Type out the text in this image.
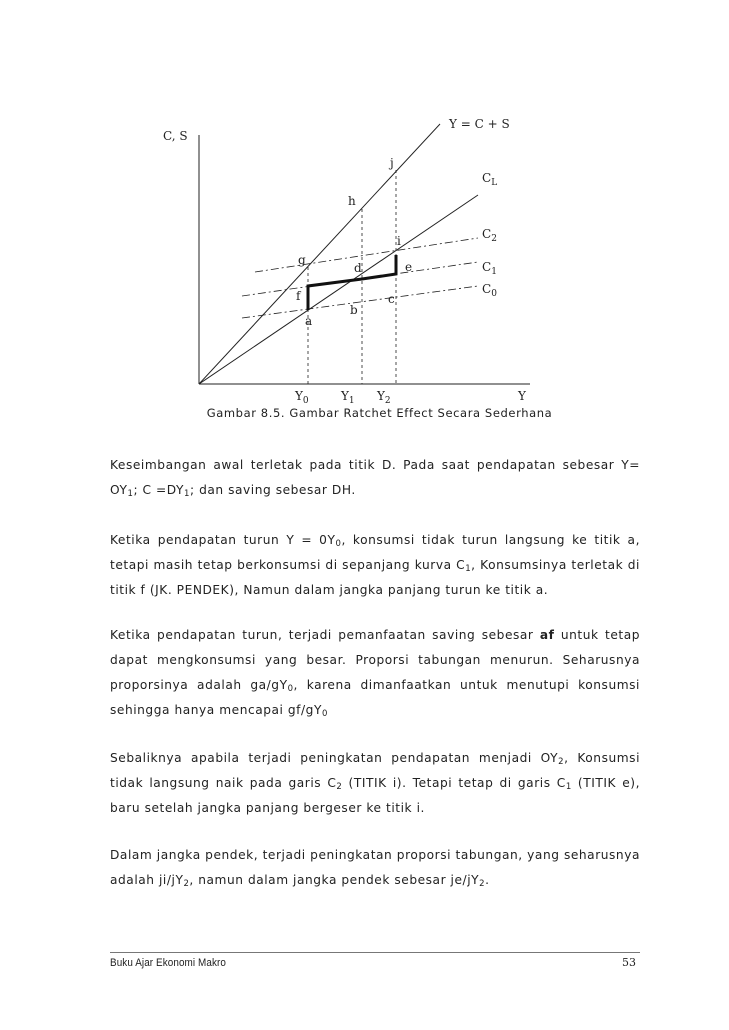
Y = C + S
C, S
$C_L$
$C_2$
$C_1$
$C_0$
j
h
i
g
d	e
f	c
b
a
$Y_0$	$Y_1$ $Y_2$	Y
Gambar 8.5. Gambar Ratchet Effect Secara Sederhana

Keseimbangan awal terletak pada titik D. Pada saat pendapatan sebesar $Y= OY_1$; $C =DY_1$; dan saving sebesar DH.

Ketika pendapatan turun $Y = 0Y_0$, konsumsi tidak turun langsung ke titik a, tetapi masih tetap berkonsumsi di sepanjang kurva $C_1$, Konsumsinya terletak di titik f (JK. PENDEK), Namun dalam jangka panjang turun ke titik a.

Ketika pendapatan turun, terjadi pemanfaatan saving sebesar af untuk tetap dapat mengkonsumsi yang besar. Proporsi tabungan menurun. Seharusnya proporsinya adalah $ga/gY_0$, karena dimanfaatkan untuk menutupi konsumsi sehingga hanya mencapai $gf/gY_0$

Sebaliknya apabila terjadi peningkatan pendapatan menjadi $OY_2$, Konsumsi tidak langsung naik pada garis $C_2$ (TITIK i). Tetapi tetap di garis $C_1$ (TITIK e), baru setelah jangka panjang bergeser ke titik i.

Dalam jangka pendek, terjadi peningkatan proporsi tabungan, yang seharusnya adalah $ji/jY_2$, namun dalam jangka pendek sebesar $je/jY_2$.

Buku Ajar Ekonomi Makro	53
